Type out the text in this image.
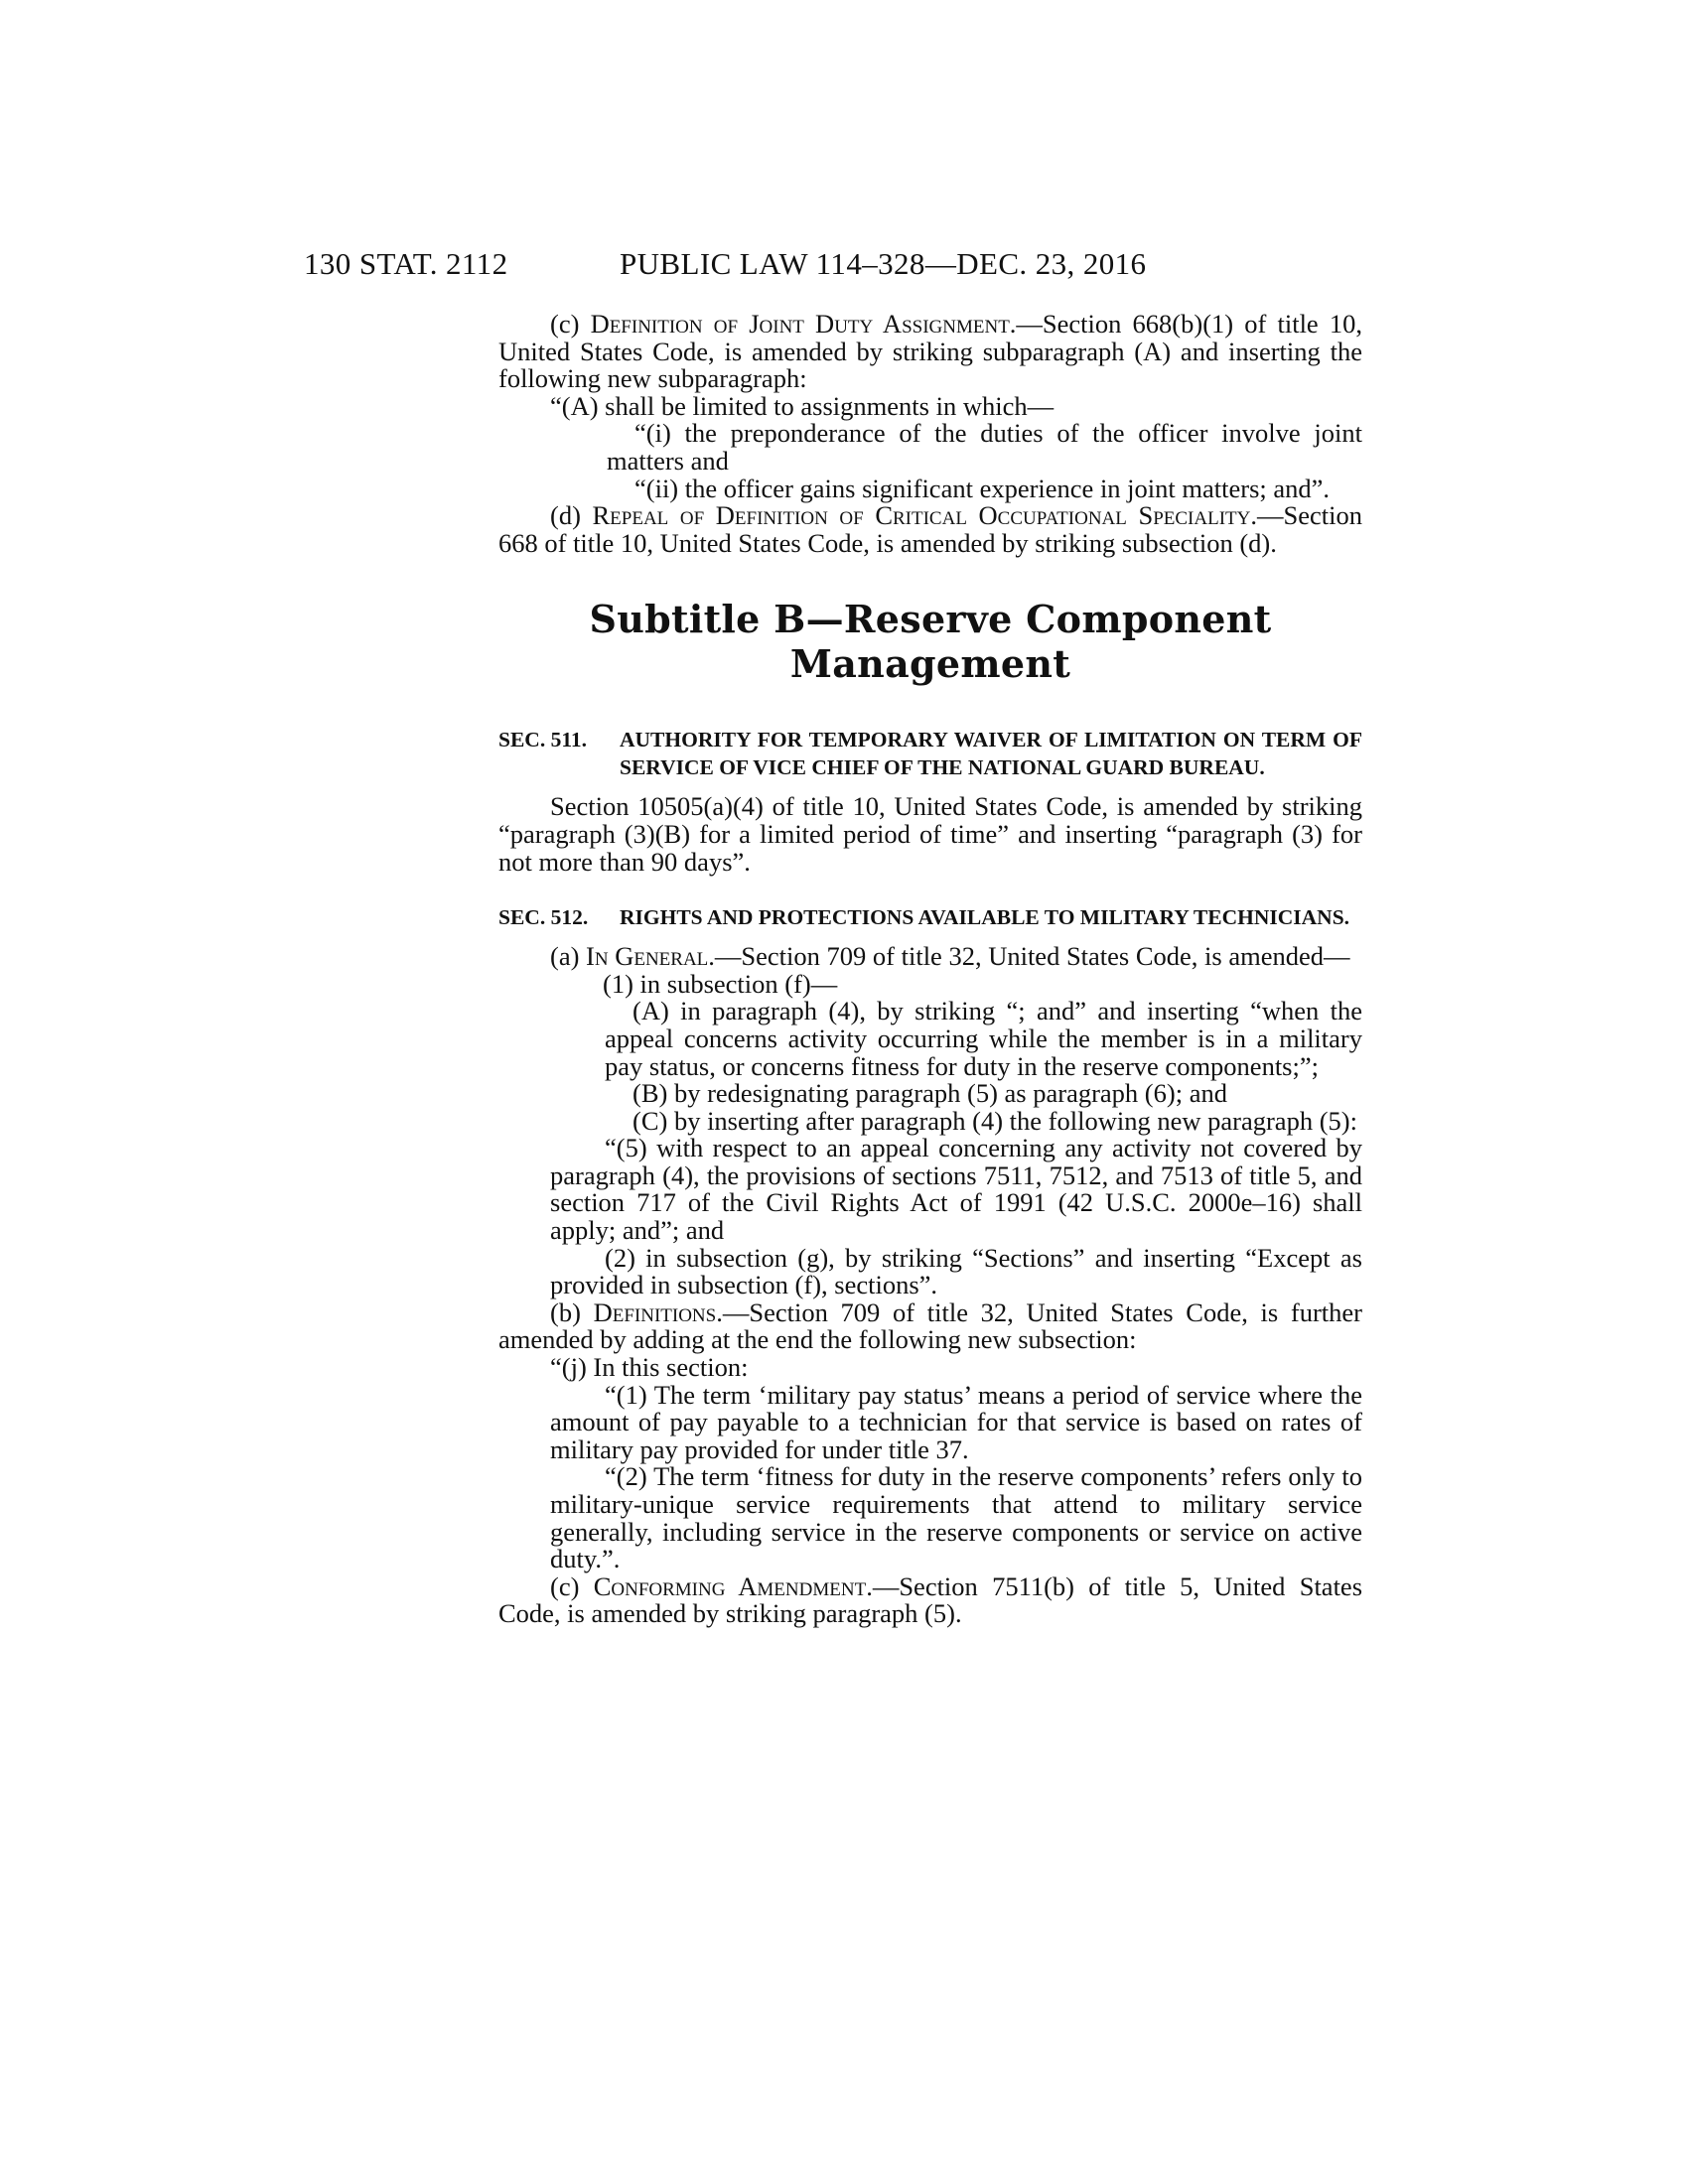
130 STAT. 2112	PUBLIC LAW 114–328—DEC. 23, 2016

(c) Definition of Joint Duty Assignment.—Section 668(b)(1) of title 10, United States Code, is amended by striking subparagraph (A) and inserting the following new subparagraph:

“(A) shall be limited to assignments in which—

“(i) the preponderance of the duties of the officer involve joint matters and

“(ii) the officer gains significant experience in joint matters; and”.

(d) Repeal of Definition of Critical Occupational Speciality.—Section 668 of title 10, United States Code, is amended by striking subsection (d).

Subtitle B—Reserve Component
Management
SEC. 511.	AUTHORITY FOR TEMPORARY WAIVER OF LIMITATION ON TERM OF SERVICE OF VICE CHIEF OF THE NATIONAL GUARD BUREAU.

Section 10505(a)(4) of title 10, United States Code, is amended by striking “paragraph (3)(B) for a limited period of time” and inserting “paragraph (3) for not more than 90 days”.

SEC. 512.	RIGHTS AND PROTECTIONS AVAILABLE TO MILITARY TECHNICIANS.

(a) In General.—Section 709 of title 32, United States Code, is amended—

(1) in subsection (f)—

(A) in paragraph (4), by striking “; and” and inserting “when the appeal concerns activity occurring while the member is in a military pay status, or concerns fitness for duty in the reserve components;”;

(B) by redesignating paragraph (5) as paragraph (6); and

(C) by inserting after paragraph (4) the following new paragraph (5):

“(5) with respect to an appeal concerning any activity not covered by paragraph (4), the provisions of sections 7511, 7512, and 7513 of title 5, and section 717 of the Civil Rights Act of 1991 (42 U.S.C. 2000e–16) shall apply; and”; and

(2) in subsection (g), by striking “Sections” and inserting “Except as provided in subsection (f), sections”.

(b) Definitions.—Section 709 of title 32, United States Code, is further amended by adding at the end the following new subsection:

“(j) In this section:

“(1) The term ‘military pay status’ means a period of service where the amount of pay payable to a technician for that service is based on rates of military pay provided for under title 37.

“(2) The term ‘fitness for duty in the reserve components’ refers only to military-unique service requirements that attend to military service generally, including service in the reserve components or service on active duty.”.

(c) Conforming Amendment.—Section 7511(b) of title 5, United States Code, is amended by striking paragraph (5).
